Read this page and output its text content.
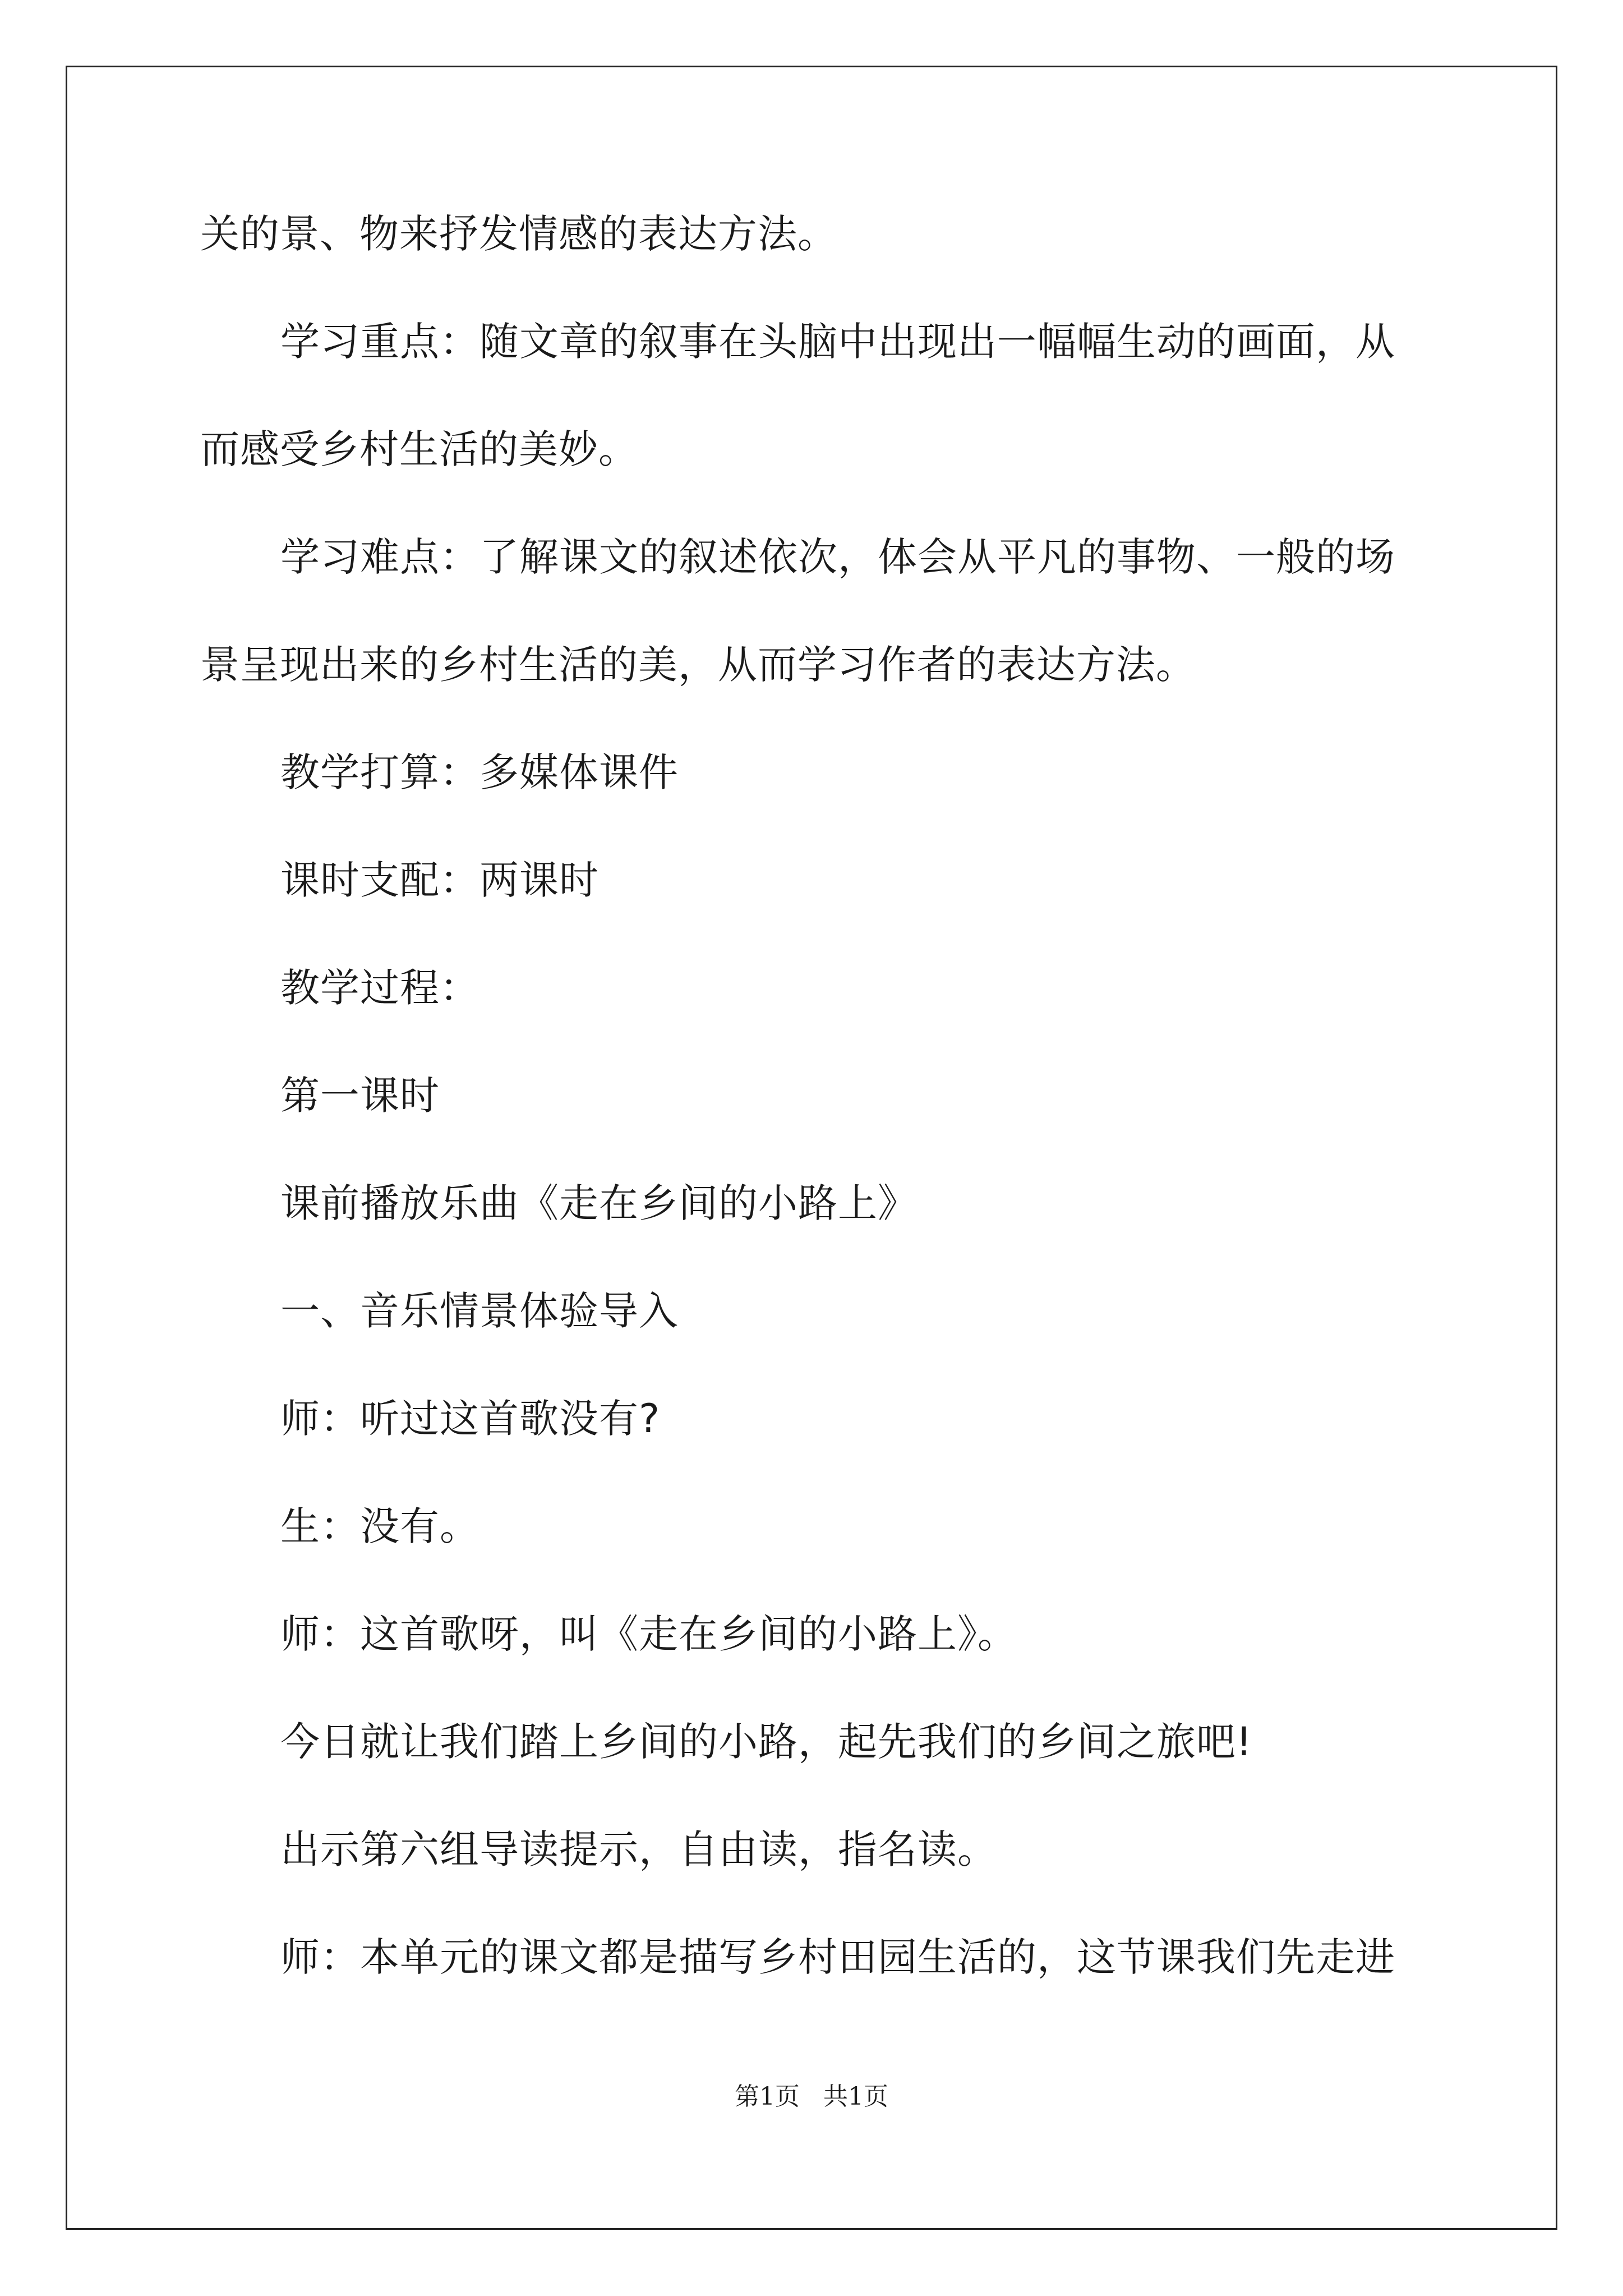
关的景、物来抒发情感的表达方法。
学习重点：随文章的叙事在头脑中出现出一幅幅生动的画面，从
而感受乡村生活的美妙。
学习难点：了解课文的叙述依次，体会从平凡的事物、一般的场
景呈现出来的乡村生活的美，从而学习作者的表达方法。
教学打算：多媒体课件
课时支配：两课时
教学过程：
第一课时
课前播放乐曲《走在乡间的小路上》
一、音乐情景体验导入
师：听过这首歌没有?
生：没有。
师：这首歌呀，叫《走在乡间的小路上》。
今日就让我们踏上乡间的小路，起先我们的乡间之旅吧!
出示第六组导读提示，自由读，指名读。
师：本单元的课文都是描写乡村田园生活的，这节课我们先走进
第1页   共1页
